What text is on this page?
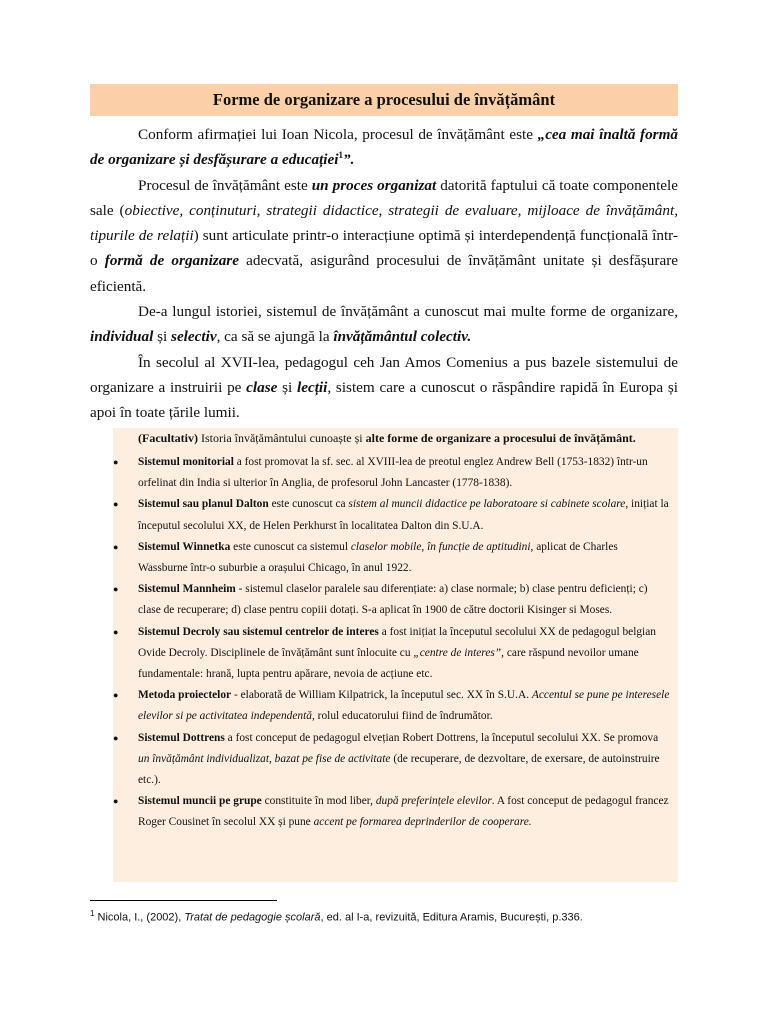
Forme de organizare a procesului de învățământ

Conform afirmației lui Ioan Nicola, procesul de învățământ este „cea mai înaltă formă de organizare și desfășurare a educației$^1$”.

Procesul de învățământ este un proces organizat datorită faptului că toate componentele sale (obiective, conținuturi, strategii didactice, strategii de evaluare, mijloace de învățământ, tipurile de relații) sunt articulate printr-o interacțiune optimă și interdependență funcțională într-o formă de organizare adecvată, asigurând procesului de învățământ unitate și desfășurare eficientă.

De-a lungul istoriei, sistemul de învățământ a cunoscut mai multe forme de organizare, individual și selectiv, ca să se ajungă la învățământul colectiv.

În secolul al XVII-lea, pedagogul ceh Jan Amos Comenius a pus bazele sistemului de organizare a instruirii pe clase și lecții, sistem care a cunoscut o răspândire rapidă în Europa și apoi în toate țările lumii.

(Facultativ) Istoria învățământului cunoaște și alte forme de organizare a procesului de învățământ.
● Sistemul monitorial a fost promovat la sf. sec. al XVIII-lea de preotul englez Andrew Bell (1753-1832) într-un orfelinat din India si ulterior în Anglia, de profesorul John Lancaster (1778-1838).
● Sistemul sau planul Dalton este cunoscut ca sistem al muncii didactice pe laboratoare si cabinete scolare, inițiat la începutul secolului XX, de Helen Perkhurst în localitatea Dalton din S.U.A.
● Sistemul Winnetka este cunoscut ca sistemul claselor mobile, în funcție de aptitudini, aplicat de Charles Wassburne într-o suburbie a orașului Chicago, în anul 1922.
● Sistemul Mannheim - sistemul claselor paralele sau diferențiate: a) clase normale; b) clase pentru deficienți; c) clase de recuperare; d) clase pentru copiii dotați. S-a aplicat în 1900 de către doctorii Kisinger si Moses.
● Sistemul Decroly sau sistemul centrelor de interes a fost inițiat la începutul secolului XX de pedagogul belgian Ovide Decroly. Disciplinele de învățământ sunt înlocuite cu „centre de interes”, care răspund nevoilor umane fundamentale: hrană, lupta pentru apărare, nevoia de acțiune etc.
● Metoda proiectelor - elaborată de William Kilpatrick, la începutul sec. XX în S.U.A. Accentul se pune pe interesele elevilor si pe activitatea independentă, rolul educatorului fiind de îndrumător.
● Sistemul Dottrens a fost conceput de pedagogul elvețian Robert Dottrens, la începutul secolului XX. Se promova un învățământ individualizat, bazat pe fise de activitate (de recuperare, de dezvoltare, de exersare, de autoinstruire etc.).
● Sistemul muncii pe grupe constituite în mod liber, după preferințele elevilor. A fost conceput de pedagogul francez Roger Cousinet în secolul XX și pune accent pe formarea deprinderilor de cooperare.
$^1$ Nicola, I., (2002), Tratat de pedagogie școlară, ed. al I-a, revizuită, Editura Aramis, București, p.336.
